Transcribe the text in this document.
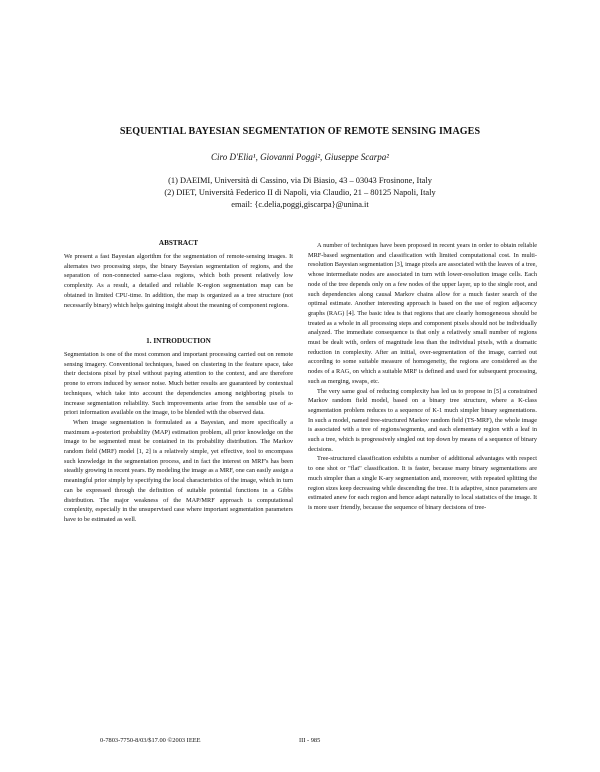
SEQUENTIAL BAYESIAN SEGMENTATION OF REMOTE SENSING IMAGES
Ciro D'Elia¹, Giovanni Poggi², Giuseppe Scarpa²
(1) DAEIMI, Università di Cassino, via Di Biasio, 43 – 03043 Frosinone, Italy
(2) DIET, Università Federico II di Napoli, via Claudio, 21 – 80125 Napoli, Italy
email: {c.delia,poggi,giscarpa}@unina.it
ABSTRACT

We present a fast Bayesian algorithm for the segmentation of remote-sensing images. It alternates two processing steps, the binary Bayesian segmentation of regions, and the separation of non-connected same-class regions, which both present relatively low complexity. As a result, a detailed and reliable K-region segmentation map can be obtained in limited CPU-time. In addition, the map is organized as a tree structure (not necessarily binary) which helps gaining insight about the meaning of component regions.

1. INTRODUCTION

Segmentation is one of the most common and important processing carried out on remote sensing imagery. Conventional techniques, based on clustering in the feature space, take their decisions pixel by pixel without paying attention to the context, and are therefore prone to errors induced by sensor noise. Much better results are guaranteed by contextual techniques, which take into account the dependencies among neighboring pixels to increase segmentation reliability. Such improvements arise from the sensible use of a-priori information available on the image, to be blended with the observed data.

When image segmentation is formulated as a Bayesian, and more specifically a maximum a-posteriori probability (MAP) estimation problem, all prior knowledge on the image to be segmented must be contained in its probability distribution. The Markov random field (MRF) model [1, 2] is a relatively simple, yet effective, tool to encompass such knowledge in the segmentation process, and in fact the interest on MRF's has been steadily growing in recent years. By modeling the image as a MRF, one can easily assign a meaningful prior simply by specifying the local characteristics of the image, which in turn can be expressed through the definition of suitable potential functions in a Gibbs distribution. The major weakness of the MAP/MRF approach is computational complexity, especially in the unsupervised case where important segmentation parameters have to be estimated as well.

A number of techniques have been proposed in recent years in order to obtain reliable MRF-based segmentation and classification with limited computational cost. In multi-resolution Bayesian segmentation [3], image pixels are associated with the leaves of a tree, whose intermediate nodes are associated in turn with lower-resolution image cells. Each node of the tree depends only on a few nodes of the upper layer, up to the single root, and such dependencies along causal Markov chains allow for a much faster search of the optimal estimate. Another interesting approach is based on the use of region adjacency graphs (RAG) [4]. The basic idea is that regions that are clearly homogeneous should be treated as a whole in all processing steps and component pixels should not be individually analyzed. The immediate consequence is that only a relatively small number of regions must be dealt with, orders of magnitude less than the individual pixels, with a dramatic reduction in complexity. After an initial, over-segmentation of the image, carried out according to some suitable measure of homogeneity, the regions are considered as the nodes of a RAG, on which a suitable MRF is defined and used for subsequent processing, such as merging, swaps, etc.

The very same goal of reducing complexity has led us to propose in [5] a constrained Markov random field model, based on a binary tree structure, where a K-class segmentation problem reduces to a sequence of K-1 much simpler binary segmentations. In such a model, named tree-structured Markov random field (TS-MRF), the whole image is associated with a tree of regions/segments, and each elementary region with a leaf in such a tree, which is progressively singled out top down by means of a sequence of binary decisions.

Tree-structured classification exhibits a number of additional advantages with respect to one shot or "flat" classification. It is faster, because many binary segmentations are much simpler than a single K-ary segmentation and, moreover, with repeated splitting the region sizes keep decreasing while descending the tree. It is adaptive, since parameters are estimated anew for each region and hence adapt naturally to local statistics of the image. It is more user friendly, because the sequence of binary decisions of tree-

0-7803-7750-8/03/$17.00 ©2003 IEEE	III - 985
